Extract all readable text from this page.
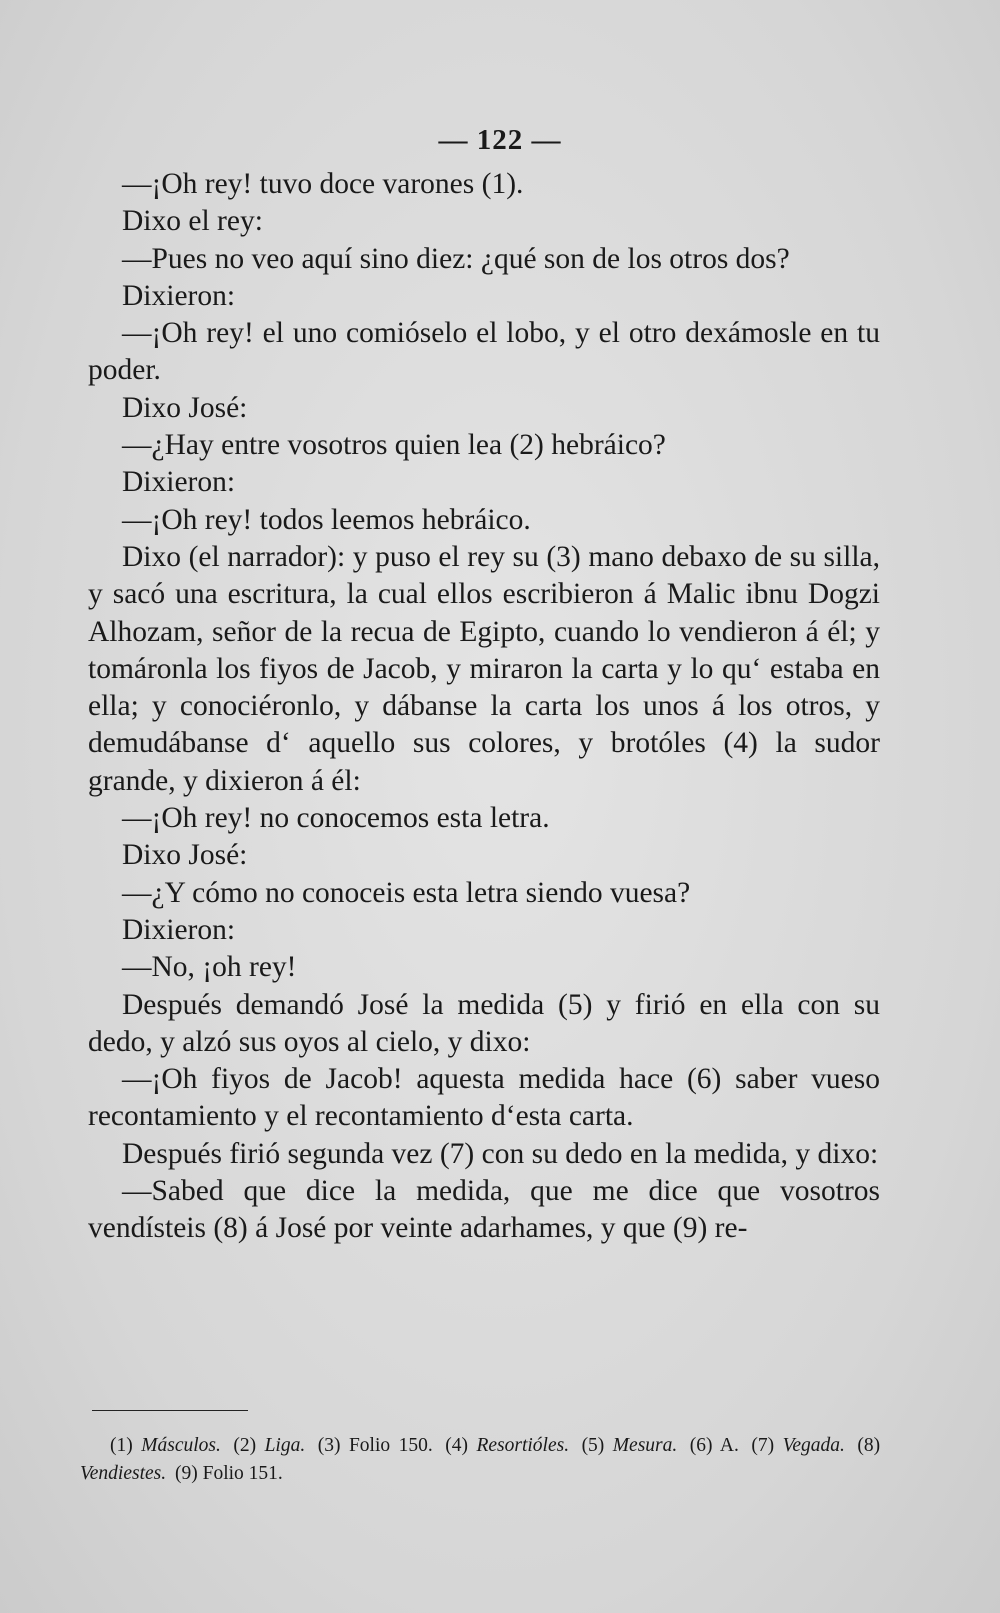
— 122 —

—¡Oh rey! tuvo doce varones (1).

Dixo el rey:

—Pues no veo aquí sino diez: ¿qué son de los otros dos?

Dixieron:

—¡Oh rey! el uno comióselo el lobo, y el otro dexámosle en tu poder.

Dixo José:

—¿Hay entre vosotros quien lea (2) hebráico?

Dixieron:

—¡Oh rey! todos leemos hebráico.

Dixo (el narrador): y puso el rey su (3) mano debaxo de su silla, y sacó una escritura, la cual ellos escribieron á Malic ibnu Dogzi Alhozam, señor de la recua de Egipto, cuando lo vendieron á él; y tomáronla los fiyos de Jacob, y miraron la carta y lo qu‘ estaba en ella; y conociéronlo, y dábanse la carta los unos á los otros, y demudábanse d‘ aquello sus colores, y brotóles (4) la sudor grande, y dixieron á él:

—¡Oh rey! no conocemos esta letra.

Dixo José:

—¿Y cómo no conoceis esta letra siendo vuesa?

Dixieron:

—No, ¡oh rey!

Después demandó José la medida (5) y firió en ella con su dedo, y alzó sus oyos al cielo, y dixo:

—¡Oh fiyos de Jacob! aquesta medida hace (6) saber vueso recontamiento y el recontamiento d‘esta carta.

Después firió segunda vez (7) con su dedo en la medida, y dixo:

—Sabed que dice la medida, que me dice que vosotros vendísteis (8) á José por veinte adarhames, y que (9) re-

(1) Másculos. (2) Liga. (3) Folio 150. (4) Resortióles. (5) Mesura. (6) A. (7) Vegada. (8) Vendiestes. (9) Folio 151.
